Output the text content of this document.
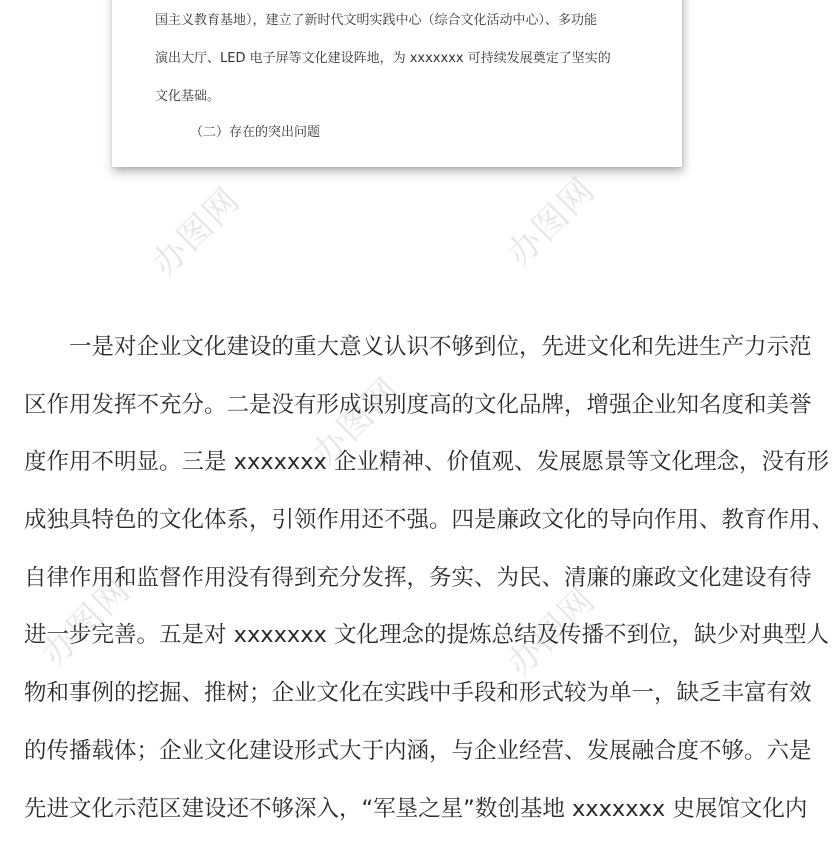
国主义教育基地），建立了新时代文明实践中心（综合文化活动中心）、多功能
演出大厅、LED 电子屏等文化建设阵地，为 xxxxxxx 可持续发展奠定了坚实的
文化基础。
（二）存在的突出问题
办图网	办图网
办图网
办图网	办图网
一是对企业文化建设的重大意义认识不够到位，先进文化和先进生产力示范
区作用发挥不充分。二是没有形成识别度高的文化品牌，增强企业知名度和美誉
度作用不明显。三是 xxxxxxx 企业精神、价值观、发展愿景等文化理念，没有形
成独具特色的文化体系，引领作用还不强。四是廉政文化的导向作用、教育作用、
自律作用和监督作用没有得到充分发挥，务实、为民、清廉的廉政文化建设有待
进一步完善。五是对 xxxxxxx 文化理念的提炼总结及传播不到位，缺少对典型人
物和事例的挖掘、推树；企业文化在实践中手段和形式较为单一，缺乏丰富有效
的传播载体；企业文化建设形式大于内涵，与企业经营、发展融合度不够。六是
先进文化示范区建设还不够深入，“军垦之星”数创基地 xxxxxxx 史展馆文化内
